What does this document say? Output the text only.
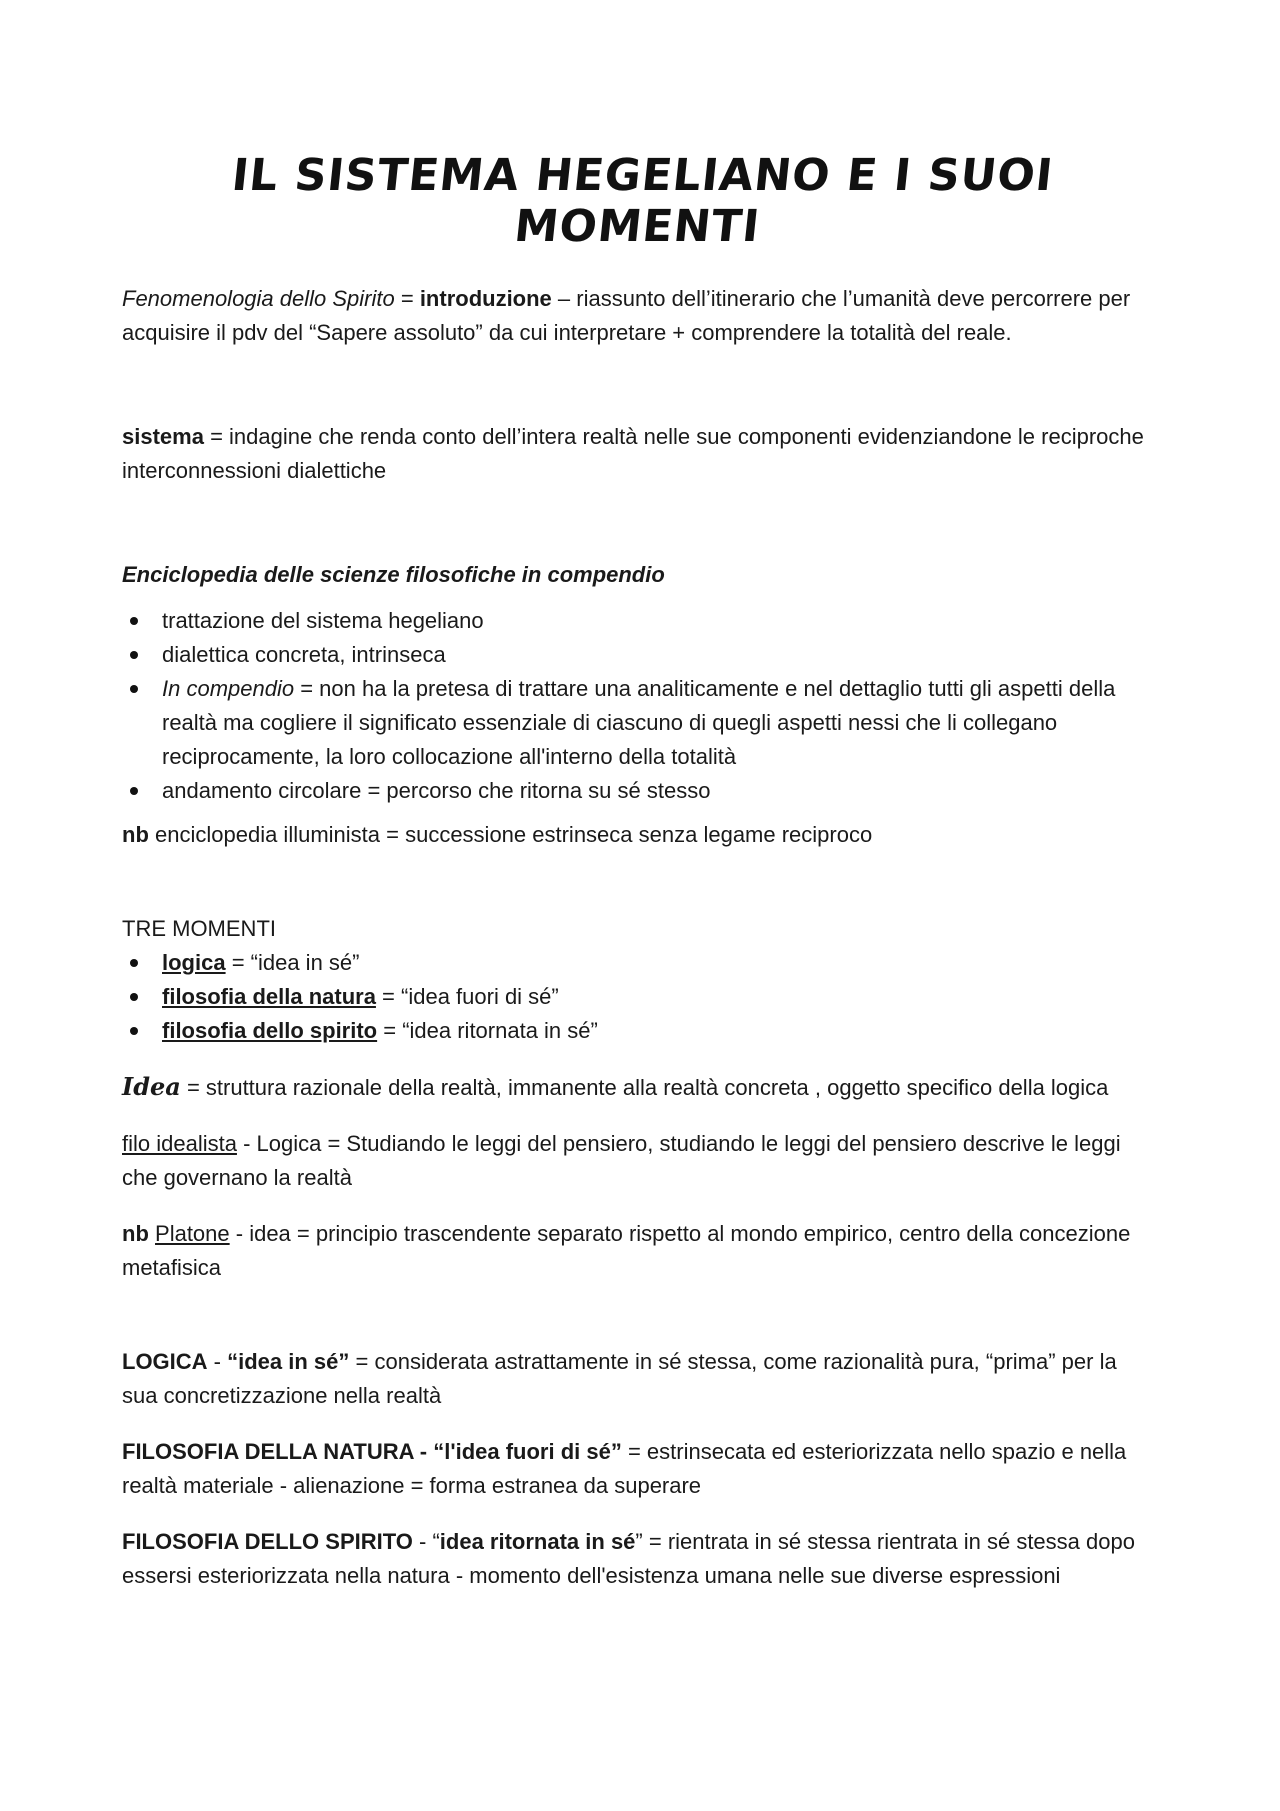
IL SISTEMA HEGELIANO E I SUOI MOMENTI

Fenomenologia dello Spirito = introduzione – riassunto dell’itinerario che l’umanità deve percorrere per acquisire il pdv del “Sapere assoluto” da cui interpretare + comprendere la totalità del reale.

sistema = indagine che renda conto dell’intera realtà nelle sue componenti evidenziandone le reciproche interconnessioni dialettiche

Enciclopedia delle scienze filosofiche in compendio

trattazione del sistema hegeliano
dialettica concreta, intrinseca
In compendio = non ha la pretesa di trattare una analiticamente e nel dettaglio tutti gli aspetti della realtà ma cogliere il significato essenziale di ciascuno di quegli aspetti nessi che li collegano reciprocamente, la loro collocazione all'interno della totalità
andamento circolare = percorso che ritorna su sé stesso

nb enciclopedia illuminista = successione estrinseca senza legame reciproco

TRE MOMENTI

logica = “idea in sé”
filosofia della natura = “idea fuori di sé”
filosofia dello spirito = “idea ritornata in sé”

Idea = struttura razionale della realtà, immanente alla realtà concreta , oggetto specifico della logica

filo idealista - Logica = Studiando le leggi del pensiero, studiando le leggi del pensiero descrive le leggi che governano la realtà

nb Platone - idea = principio trascendente separato rispetto al mondo empirico, centro della concezione metafisica

LOGICA - “idea in sé” = considerata astrattamente in sé stessa, come razionalità pura, “prima” per la sua concretizzazione nella realtà

FILOSOFIA DELLA NATURA - “l'idea fuori di sé” = estrinsecata ed esteriorizzata nello spazio e nella realtà materiale - alienazione = forma estranea da superare

FILOSOFIA DELLO SPIRITO - “idea ritornata in sé” = rientrata in sé stessa rientrata in sé stessa dopo essersi esteriorizzata nella natura - momento dell'esistenza umana nelle sue diverse espressioni
